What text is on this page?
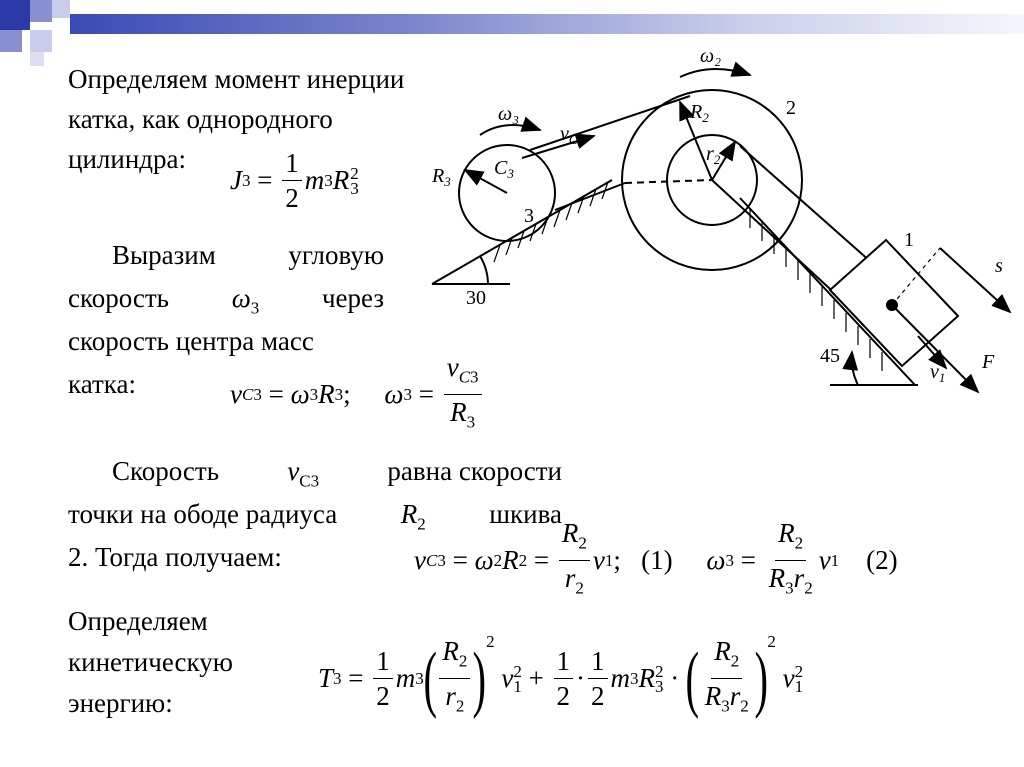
Определяем момент инерции
катка, как однородного
цилиндра:
J $3 = \frac{1}{2}$ m 3 R 2
3
Выразим угловую
скорость $\omega_3$ через
скорость центра масс
катка:	v C 3 = ω 3 R 3 ; ω $3 = \frac{v_{C3}}{R_3}$
Скорость	$v_{C3}$	равна скорости
точки на ободе радиуса $R_2$ шкива
2. Тогда получаем:	v C 3 = ω 2 R $2 = \frac{R_2}{r_2}$ v 1 ; (1)
ω $3 = \frac{R_2}{R_3r_2}$ v 1
(2)
Определяем
кинетическую
энергию:
T $3 = \frac{1}{2}$ m 3 ( $\frac{R_2}{r_2} )^2$

v 2
$1 + \frac{1}{2} \cdot \frac{1}{2}$ m 3 R 2
3 · ( $\frac{R_2}{R_3r_2} )^2$

v 2
1
ω₃
ω₂
$v_{C3}$
$R_2$
$r_2$
$C_3$
$R_3$
s
F
$v_1$
3
2
1
30
45
